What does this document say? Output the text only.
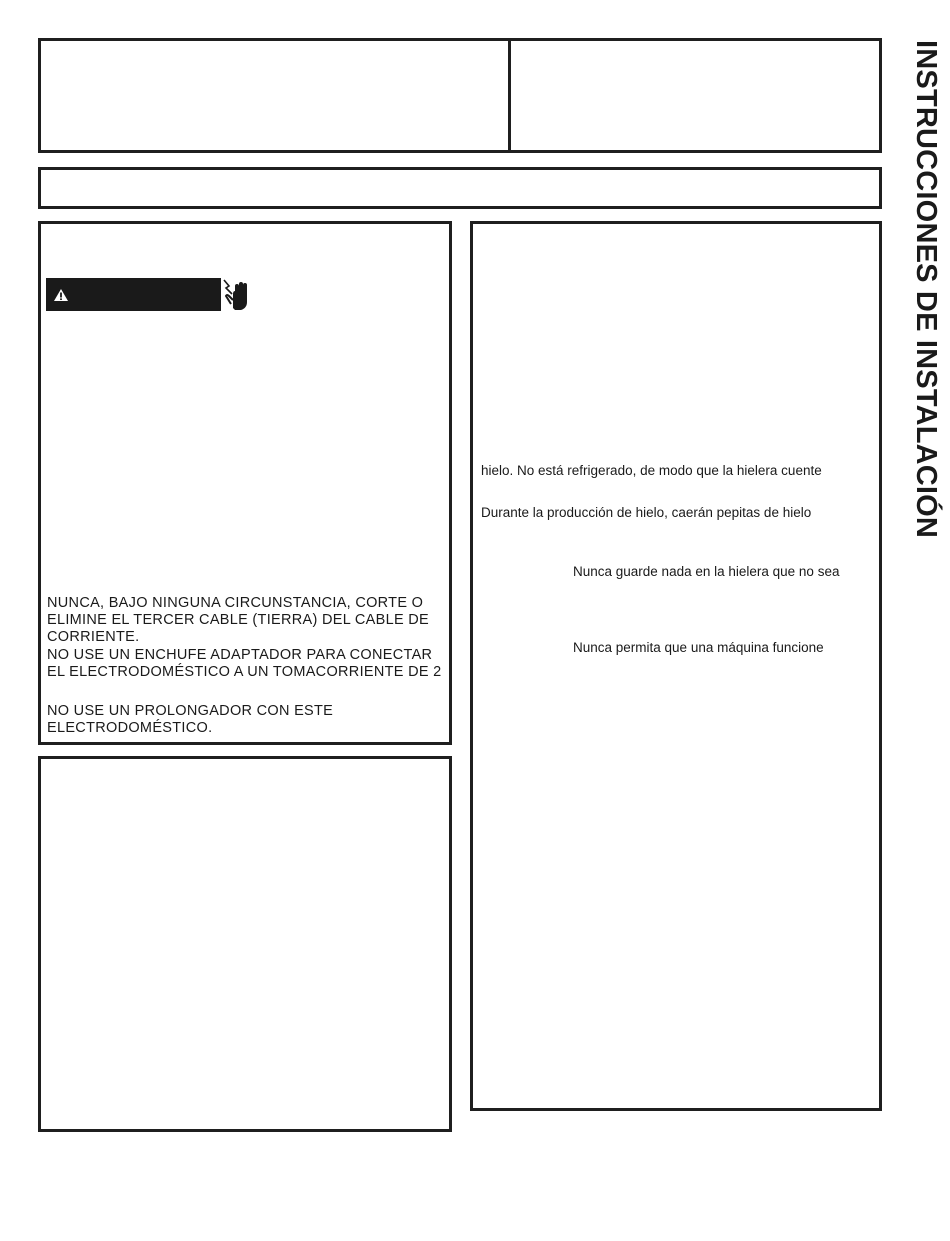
NUNCA, BAJO NINGUNA CIRCUNSTANCIA, CORTE O
ELIMINE EL TERCER CABLE (TIERRA) DEL CABLE DE
CORRIENTE.
NO USE UN ENCHUFE ADAPTADOR PARA CONECTAR
EL ELECTRODOMÉSTICO A UN TOMACORRIENTE DE 2
NO USE UN PROLONGADOR CON ESTE
ELECTRODOMÉSTICO.
hielo. No está refrigerado, de modo que la hielera cuente
Durante la producción de hielo, caerán pepitas de hielo
Nunca guarde nada en la hielera que no sea
Nunca permita que una máquina funcione
INSTRUCCIONES DE INSTALACIÓN
